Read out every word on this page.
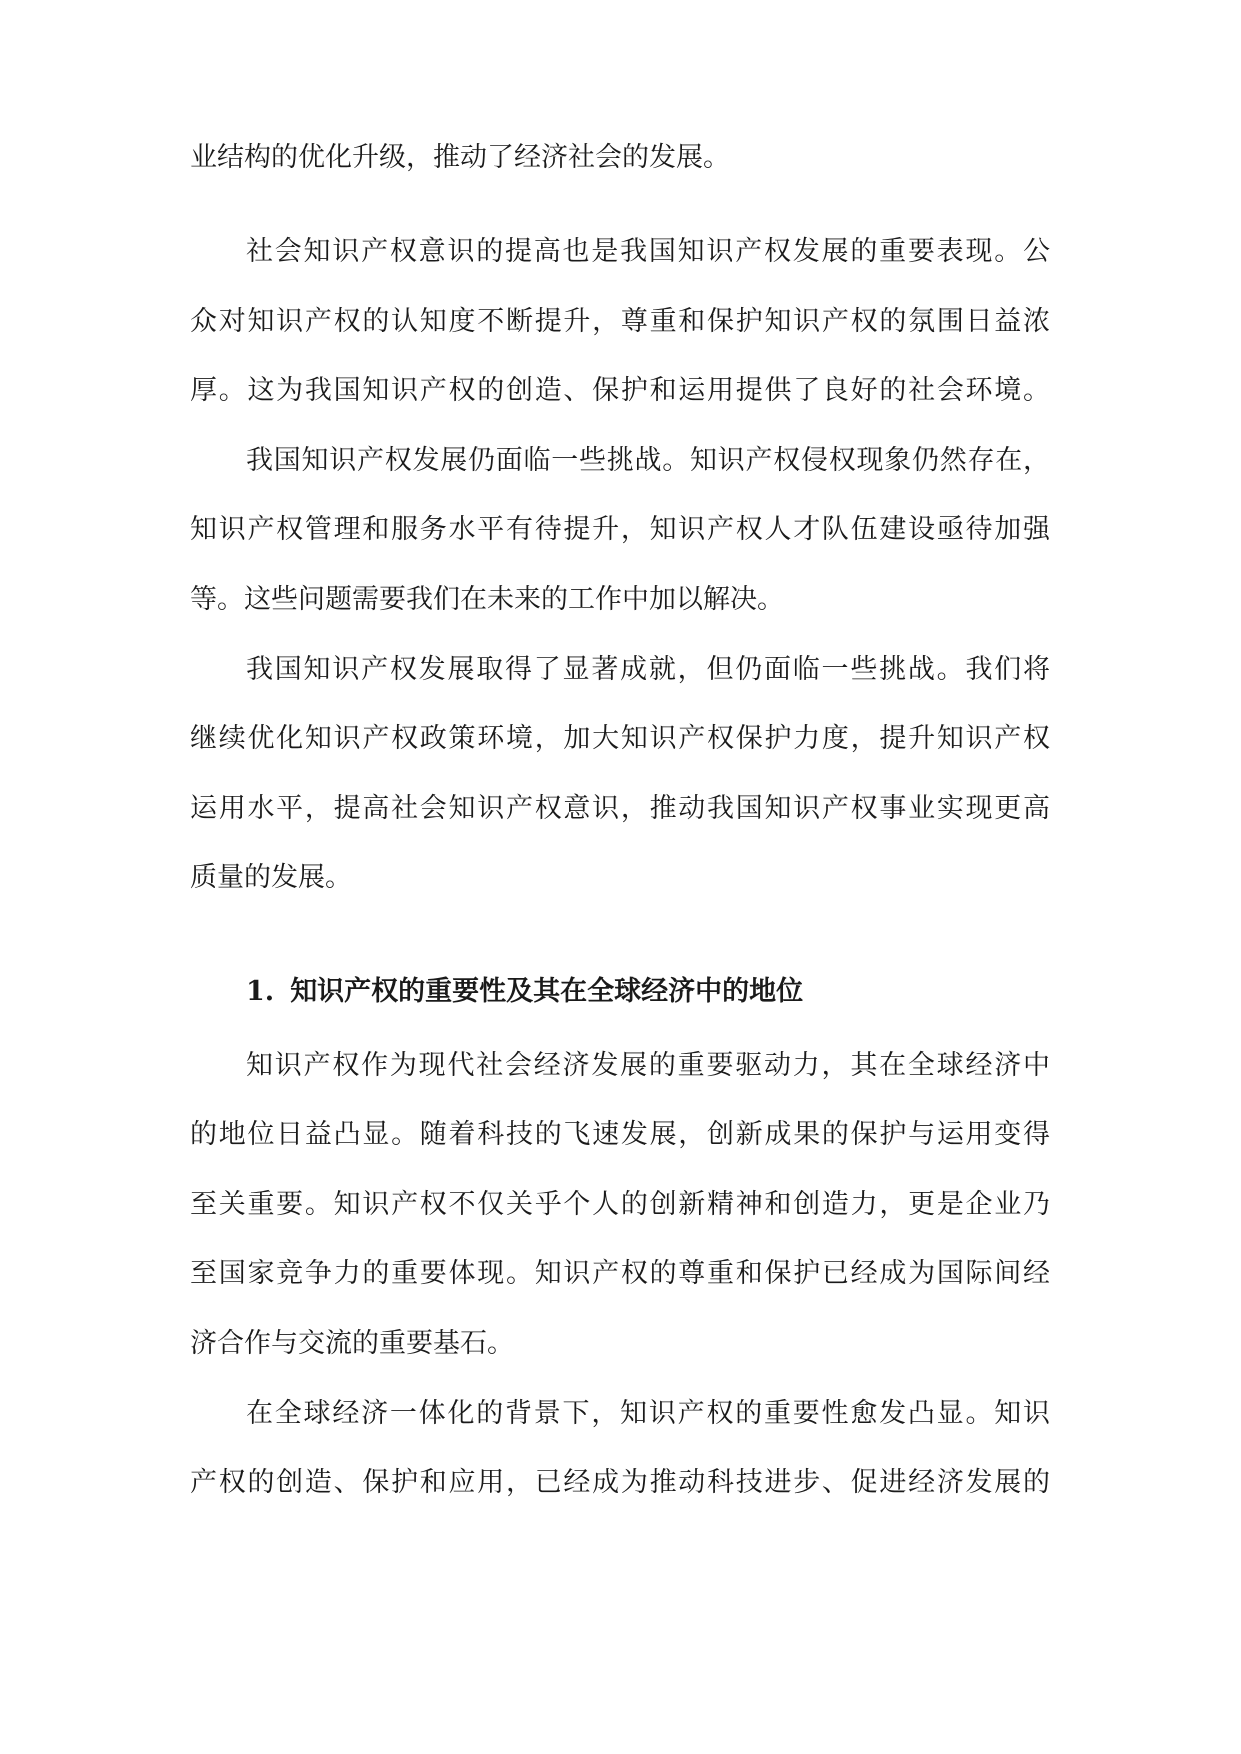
业结构的优化升级，推动了经济社会的发展。
社会知识产权意识的提高也是我国知识产权发展的重要表现。公
众对知识产权的认知度不断提升，尊重和保护知识产权的氛围日益浓
厚。这为我国知识产权的创造、保护和运用提供了良好的社会环境。
我国知识产权发展仍面临一些挑战。知识产权侵权现象仍然存在，
知识产权管理和服务水平有待提升，知识产权人才队伍建设亟待加强
等。这些问题需要我们在未来的工作中加以解决。
我国知识产权发展取得了显著成就，但仍面临一些挑战。我们将
继续优化知识产权政策环境，加大知识产权保护力度，提升知识产权
运用水平，提高社会知识产权意识，推动我国知识产权事业实现更高
质量的发展。
1. 知识产权的重要性及其在全球经济中的地位
知识产权作为现代社会经济发展的重要驱动力，其在全球经济中
的地位日益凸显。随着科技的飞速发展，创新成果的保护与运用变得
至关重要。知识产权不仅关乎个人的创新精神和创造力，更是企业乃
至国家竞争力的重要体现。知识产权的尊重和保护已经成为国际间经
济合作与交流的重要基石。
在全球经济一体化的背景下，知识产权的重要性愈发凸显。知识
产权的创造、保护和应用，已经成为推动科技进步、促进经济发展的
